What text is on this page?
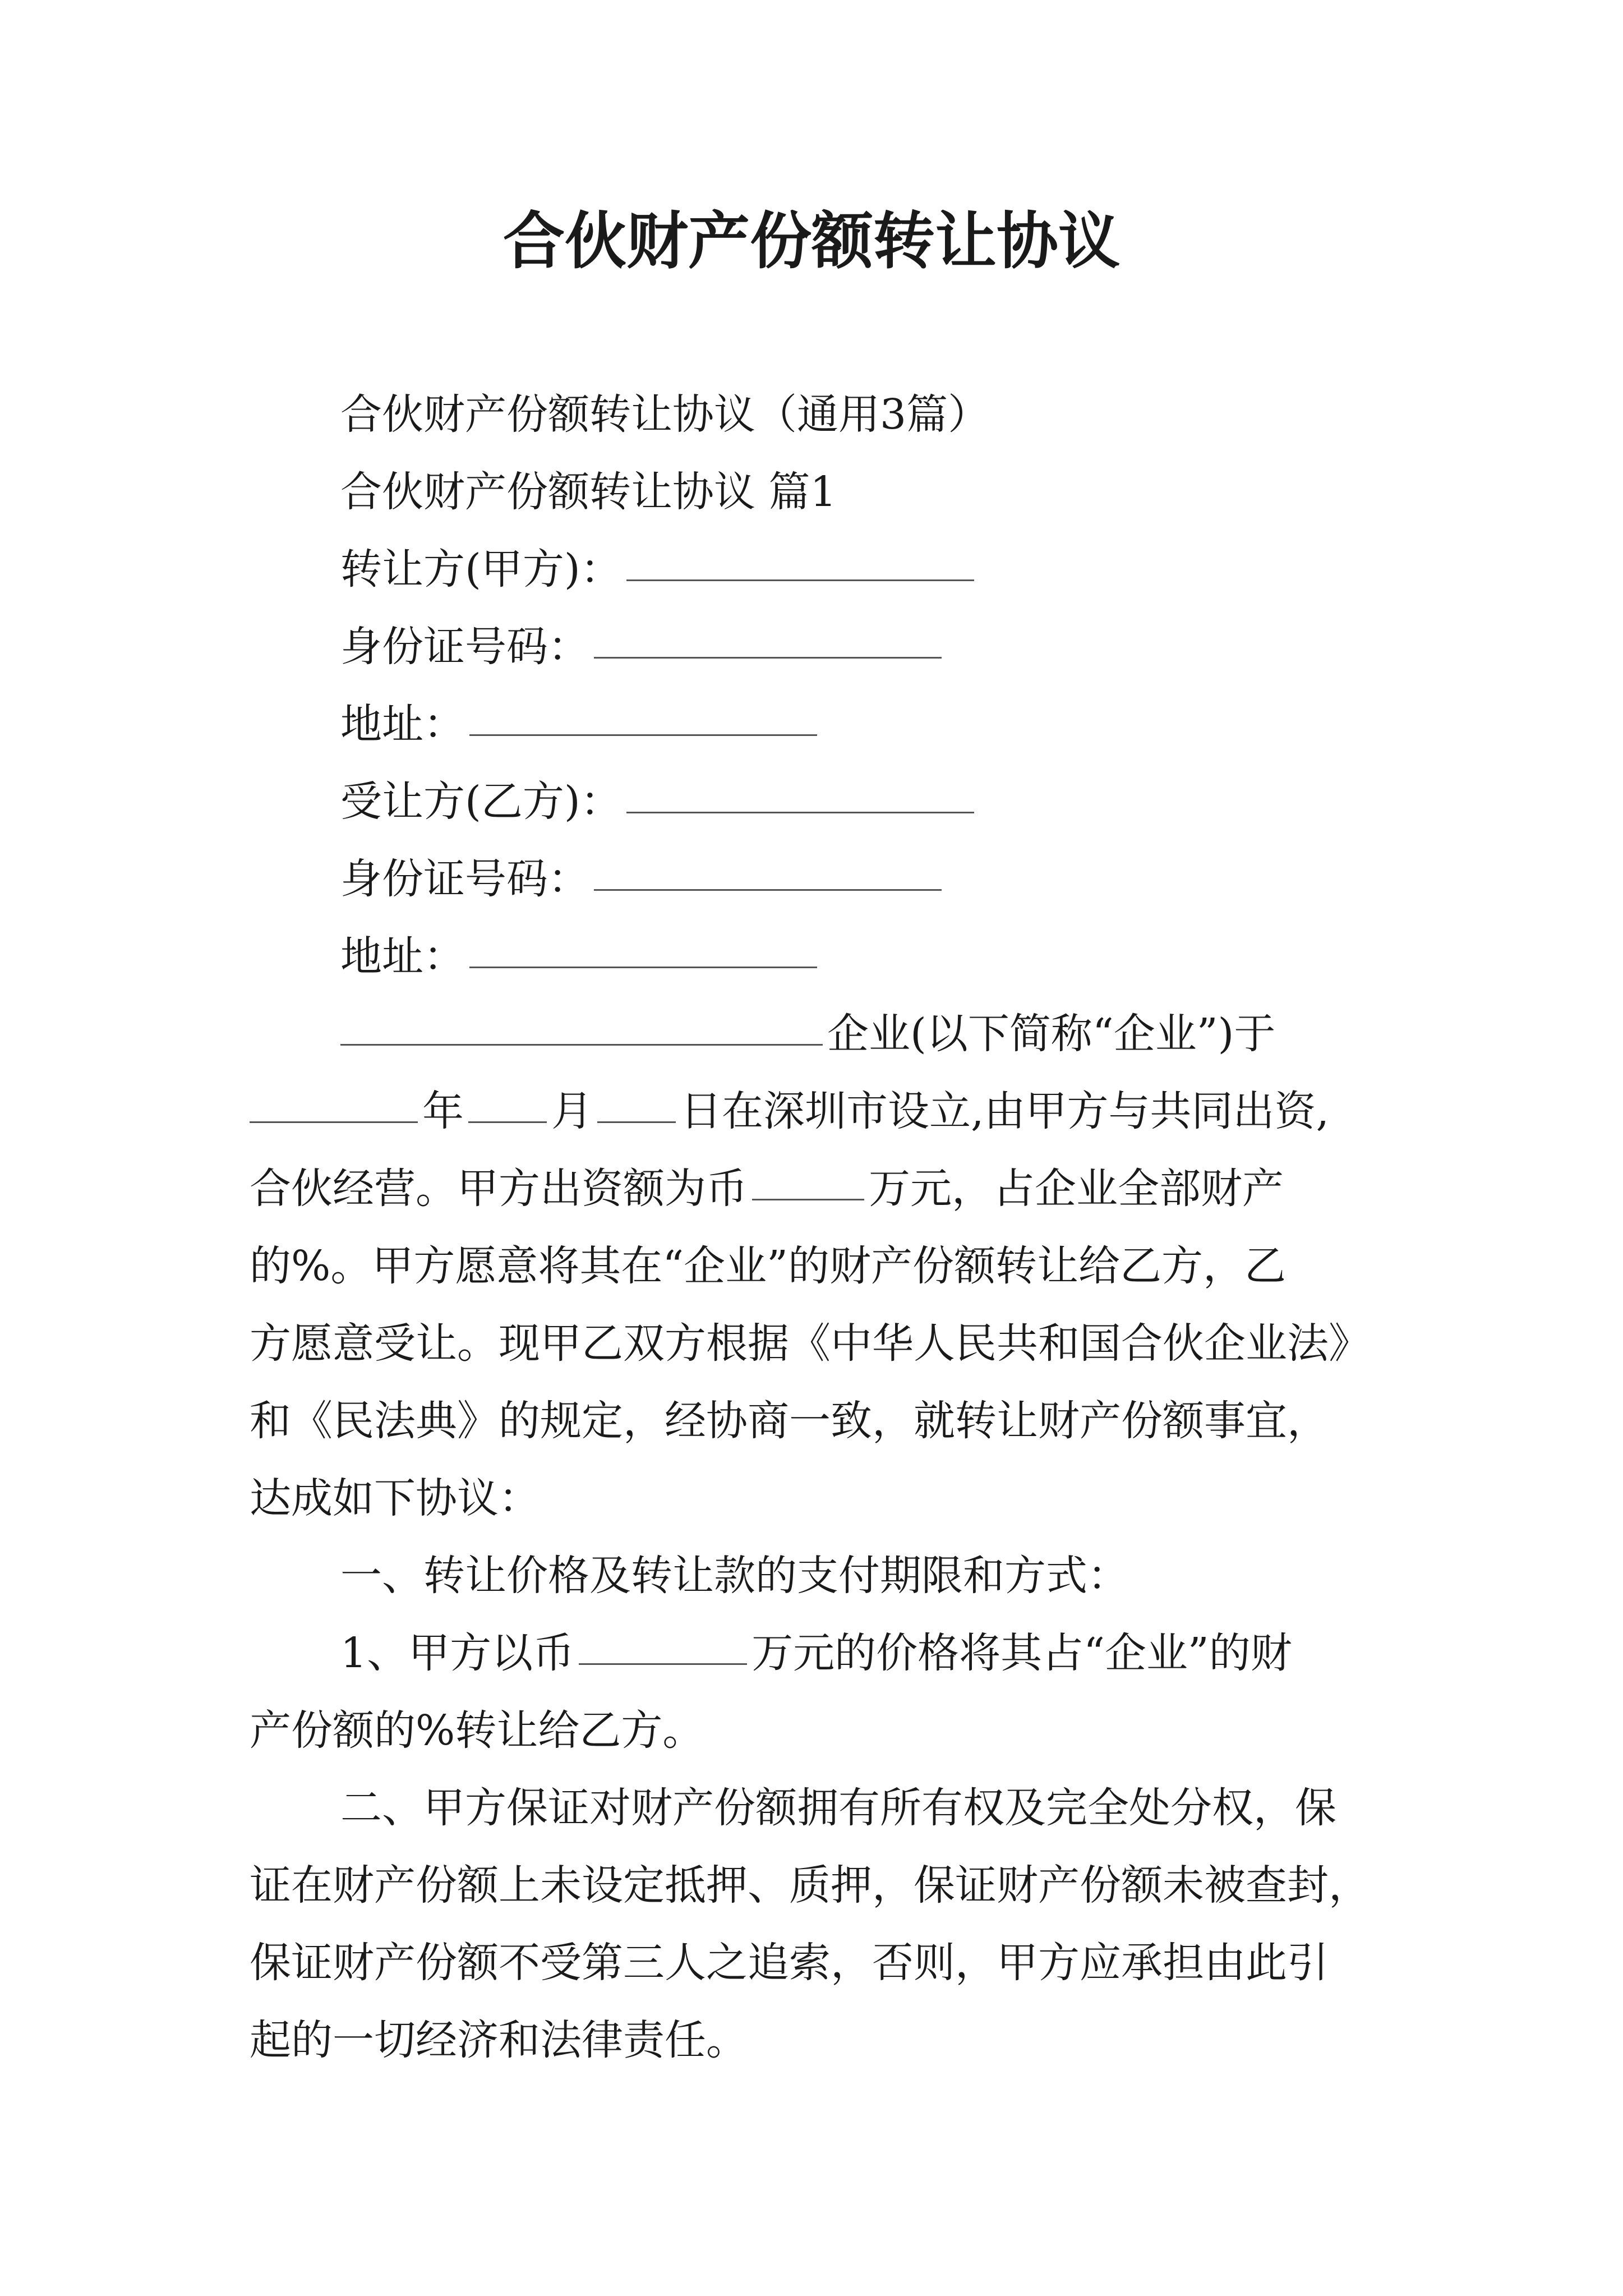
合伙财产份额转让协议

合伙财产份额转让协议（通用3篇）

合伙财产份额转让协议 篇1

转让方(甲方)：

身份证号码：

地址：

受让方(乙方)：

身份证号码：

地址：

企业(以下简称“企业”)于

年 月 日在深圳市设立,由甲方与共同出资,

合伙经营。甲方出资额为币	万元，占企业全部财产

的%。甲方愿意将其在“企业”的财产份额转让给乙方，乙

方愿意受让。现甲乙双方根据《中华人民共和国合伙企业法》

和《民法典》的规定，经协商一致，就转让财产份额事宜，

达成如下协议：

一、转让价格及转让款的支付期限和方式：

1、甲方以币	万元的价格将其占“企业”的财

产份额的%转让给乙方。

二、甲方保证对财产份额拥有所有权及完全处分权，保

证在财产份额上未设定抵押、质押，保证财产份额未被查封，

保证财产份额不受第三人之追索，否则，甲方应承担由此引

起的一切经济和法律责任。
